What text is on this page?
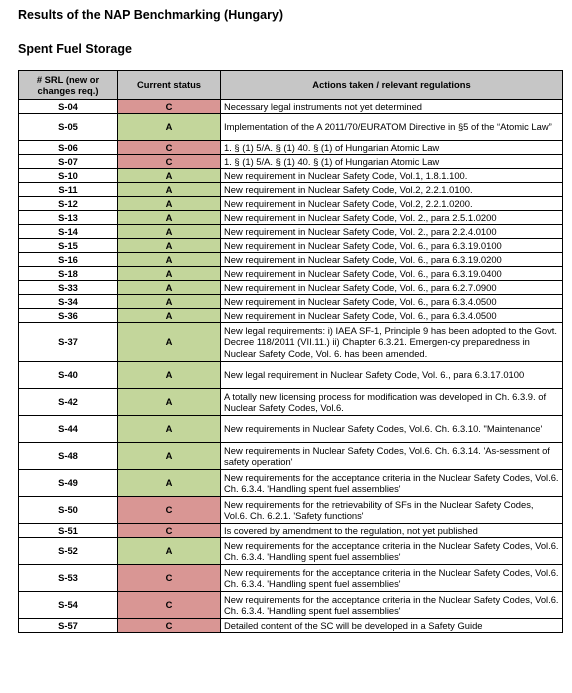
Results of the NAP Benchmarking (Hungary)
Spent Fuel Storage
# SRL (new or changes req.)	Current status	Actions taken / relevant regulations
S-04	C	Necessary legal instruments not yet determined
S-05	A	Implementation of the A 2011/70/EURATOM Directive in §5 of the “Atomic Law”
S-06	C	1. § (1) 5/A. § (1) 40. § (1) of Hungarian Atomic Law
S-07	C	1. § (1) 5/A. § (1) 40. § (1) of Hungarian Atomic Law
S-10	A	New requirement in Nuclear Safety Code, Vol.1, 1.8.1.100.
S-11	A	New requirement in Nuclear Safety Code, Vol.2, 2.2.1.0100.
S-12	A	New requirement in Nuclear Safety Code, Vol.2, 2.2.1.0200.
S-13	A	New requirement in Nuclear Safety Code, Vol. 2., para 2.5.1.0200
S-14	A	New requirement in Nuclear Safety Code, Vol. 2., para 2.2.4.0100
S-15	A	New requirement in Nuclear Safety Code, Vol. 6., para 6.3.19.0100
S-16	A	New requirement in Nuclear Safety Code, Vol. 6., para 6.3.19.0200
S-18	A	New requirement in Nuclear Safety Code, Vol. 6., para 6.3.19.0400
S-33	A	New requirement in Nuclear Safety Code, Vol. 6., para 6.2.7.0900
S-34	A	New requirement in Nuclear Safety Code, Vol. 6., para 6.3.4.0500
S-36	A	New requirement in Nuclear Safety Code, Vol. 6., para 6.3.4.0500
S-37	A	New legal requirements: i) IAEA SF-1, Principle 9 has been adopted to the Govt. Decree 118/2011 (VII.11.) ii) Chapter 6.3.21. Emergen-cy preparedness in Nuclear Safety Code, Vol. 6. has been amended.
S-40	A	New legal requirement in Nuclear Safety Code, Vol. 6., para 6.3.17.0100
S-42	A	A totally new licensing process for modification was developed in Ch. 6.3.9. of Nuclear Safety Codes, Vol.6.
S-44	A	New requirements in Nuclear Safety Codes, Vol.6. Ch. 6.3.10. "Maintenance'
S-48	A	New requirements in Nuclear Safety Codes, Vol.6. Ch. 6.3.14. 'As-sessment of safety operation'
S-49	A	New requirements for the acceptance criteria in the Nuclear Safety Codes, Vol.6. Ch. 6.3.4. 'Handling spent fuel assemblies'
S-50	C	New requirements for the retrievability of SFs in the Nuclear Safety Codes, Vol.6. Ch. 6.2.1. 'Safety functions'
S-51	C	Is covered by amendment to the regulation, not yet published
S-52	A	New requirements for the acceptance criteria in the Nuclear Safety Codes, Vol.6. Ch. 6.3.4. 'Handling spent fuel assemblies'
S-53	C	New requirements for the acceptance criteria in the Nuclear Safety Codes, Vol.6. Ch. 6.3.4. 'Handling spent fuel assemblies'
S-54	C	New requirements for the acceptance criteria in the Nuclear Safety Codes, Vol.6. Ch. 6.3.4. 'Handling spent fuel assemblies'
S-57	C	Detailed content of the SC will be developed in a Safety Guide
